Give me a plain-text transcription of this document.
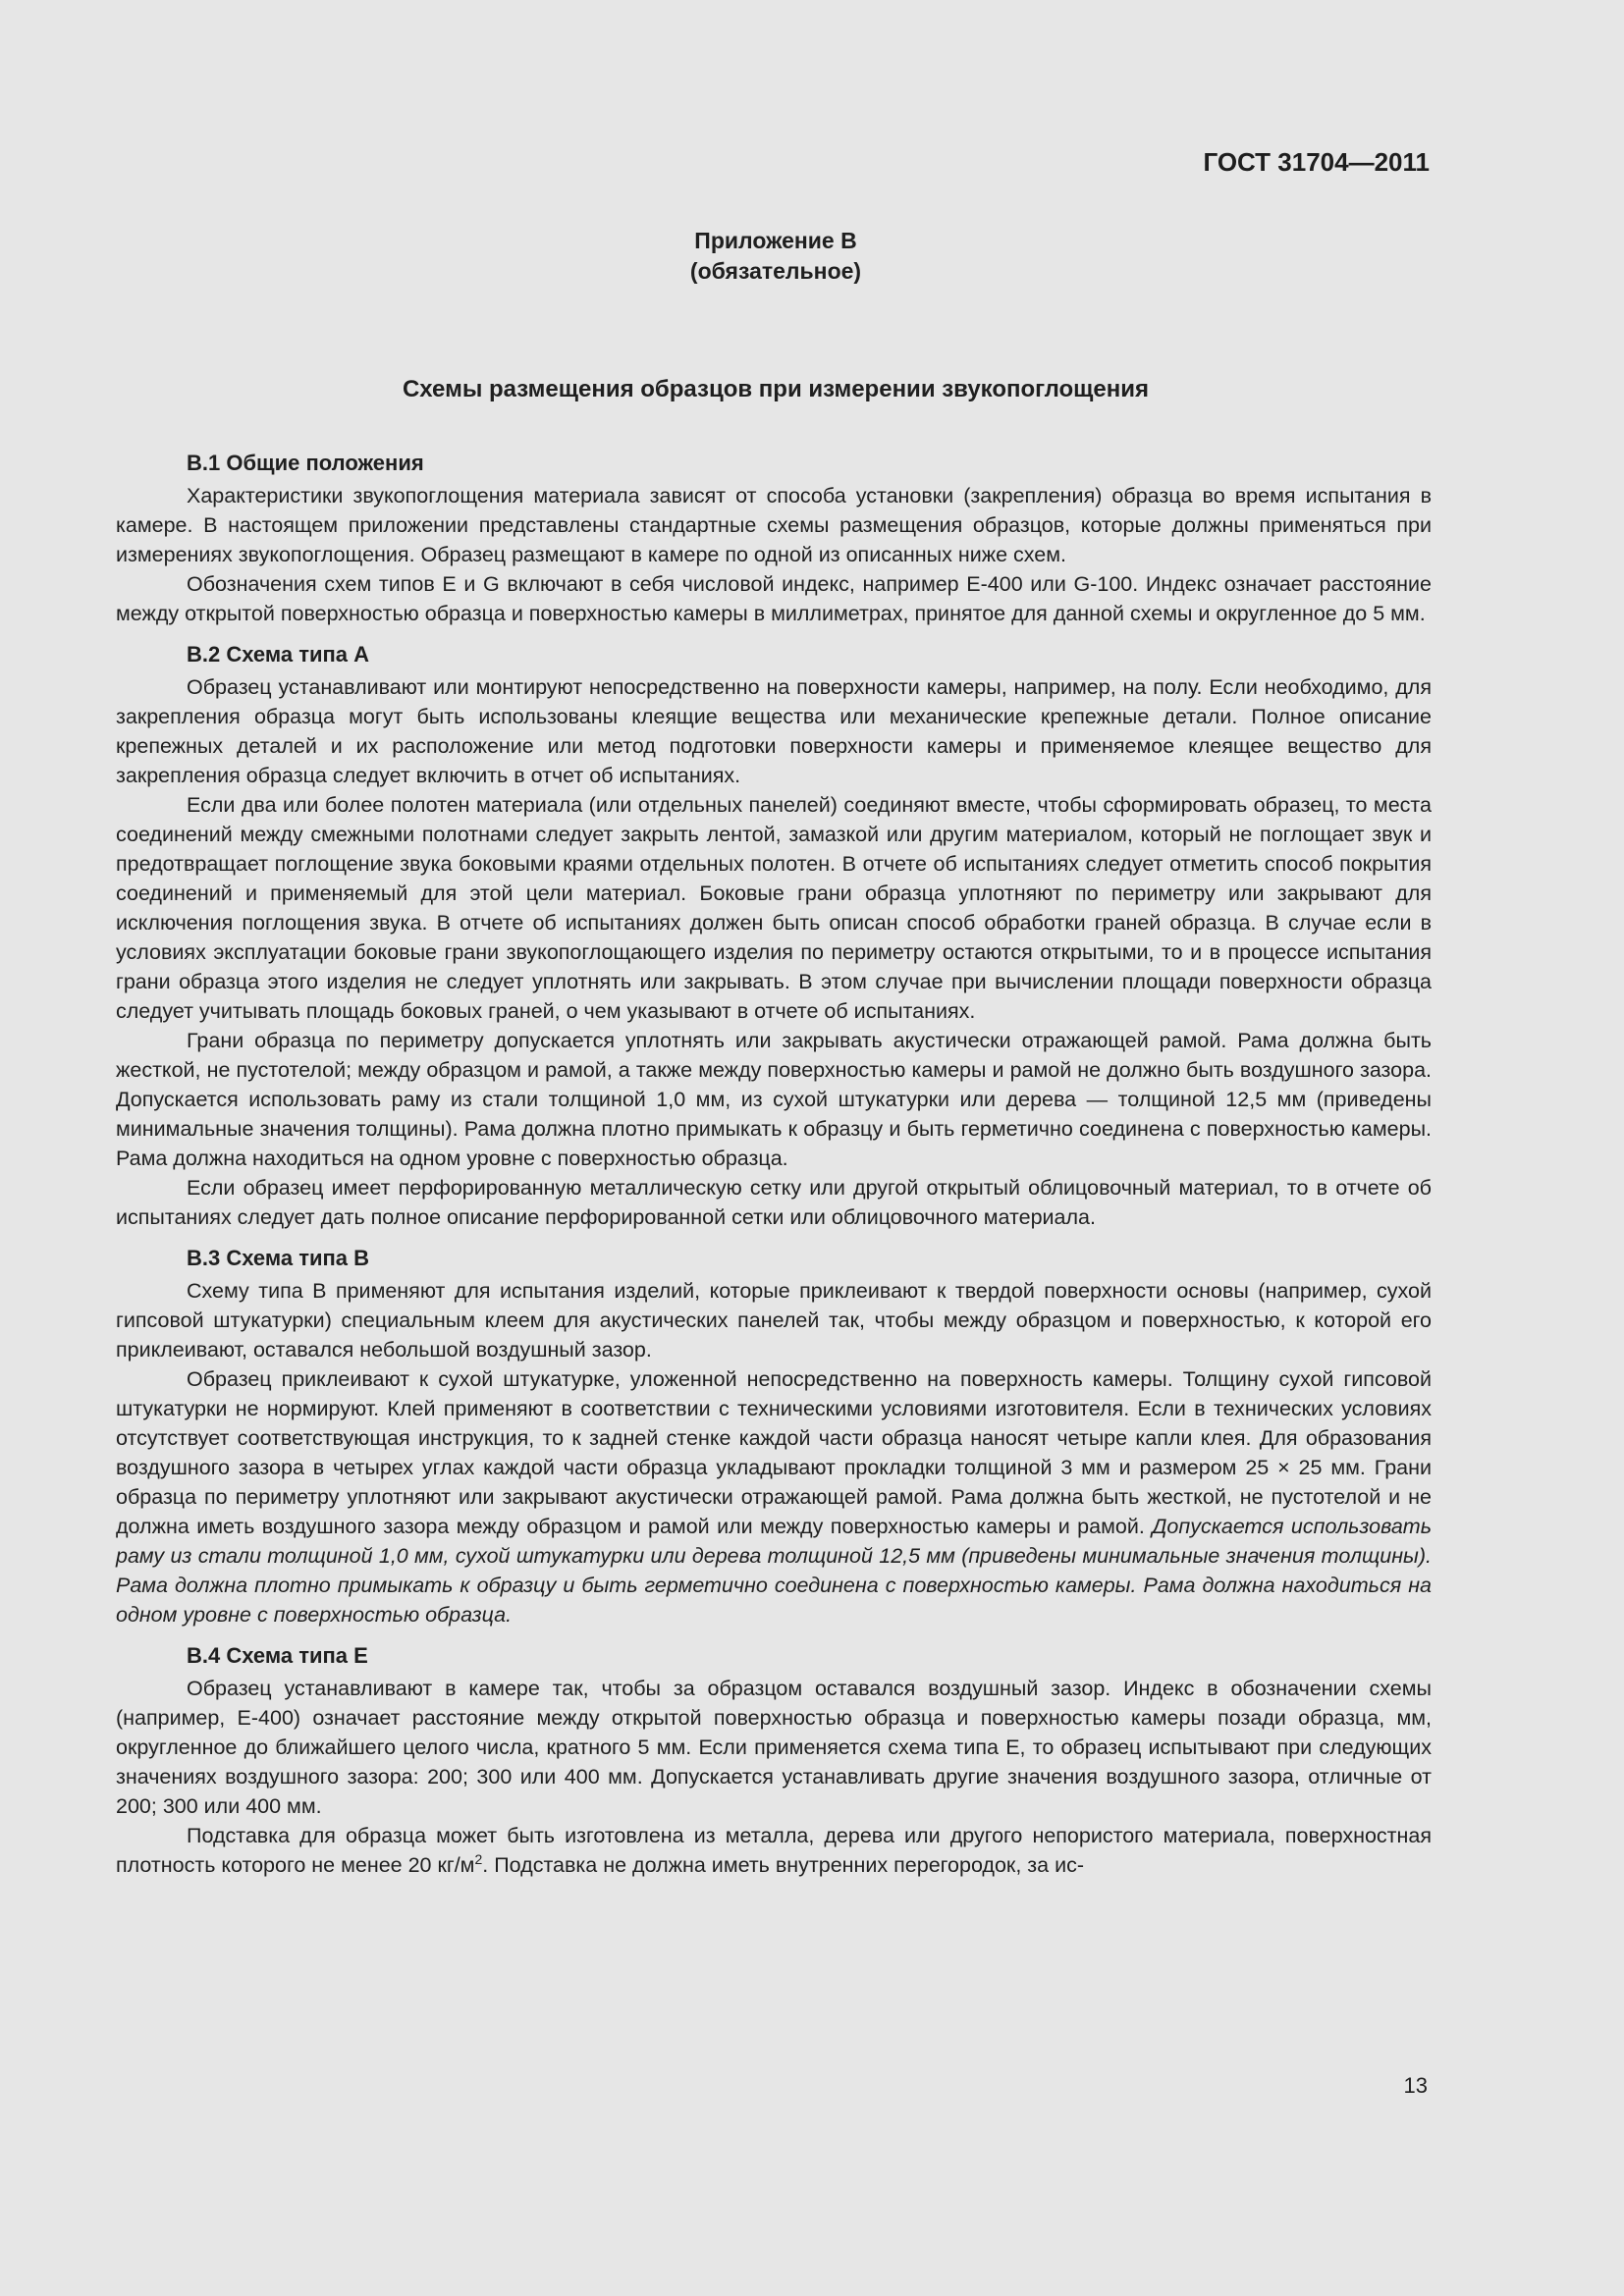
ГОСТ 31704—2011
Приложение В
(обязательное)
Схемы размещения образцов при измерении звукопоглощения
В.1 Общие положения

Характеристики звукопоглощения материала зависят от способа установки (закрепления) образца во время испытания в камере. В настоящем приложении представлены стандартные схемы размещения образцов, которые должны применяться при измерениях звукопоглощения. Образец размещают в камере по одной из описанных ниже схем.

Обозначения схем типов Е и G включают в себя числовой индекс, например Е-400 или G-100. Индекс означает расстояние между открытой поверхностью образца и поверхностью камеры в миллиметрах, принятое для данной схемы и округленное до 5 мм.

В.2 Схема типа А

Образец устанавливают или монтируют непосредственно на поверхности камеры, например, на полу. Если необходимо, для закрепления образца могут быть использованы клеящие вещества или механические крепежные детали. Полное описание крепежных деталей и их расположение или метод подготовки поверхности камеры и применяемое клеящее вещество для закрепления образца следует включить в отчет об испытаниях.

Если два или более полотен материала (или отдельных панелей) соединяют вместе, чтобы сформировать образец, то места соединений между смежными полотнами следует закрыть лентой, замазкой или другим материалом, который не поглощает звук и предотвращает поглощение звука боковыми краями отдельных полотен. В отчете об испытаниях следует отметить способ покрытия соединений и применяемый для этой цели материал. Боковые грани образца уплотняют по периметру или закрывают для исключения поглощения звука. В отчете об испытаниях должен быть описан способ обработки граней образца. В случае если в условиях эксплуатации боковые грани звукопоглощающего изделия по периметру остаются открытыми, то и в процессе испытания грани образца этого изделия не следует уплотнять или закрывать. В этом случае при вычислении площади поверхности образца следует учитывать площадь боковых граней, о чем указывают в отчете об испытаниях.

Грани образца по периметру допускается уплотнять или закрывать акустически отражающей рамой. Рама должна быть жесткой, не пустотелой; между образцом и рамой, а также между поверхностью камеры и рамой не должно быть воздушного зазора. Допускается использовать раму из стали толщиной 1,0 мм, из сухой штукатурки или дерева — толщиной 12,5 мм (приведены минимальные значения толщины). Рама должна плотно примыкать к образцу и быть герметично соединена с поверхностью камеры. Рама должна находиться на одном уровне с поверхностью образца.

Если образец имеет перфорированную металлическую сетку или другой открытый облицовочный материал, то в отчете об испытаниях следует дать полное описание перфорированной сетки или облицовочного материала.

В.3 Схема типа В

Схему типа В применяют для испытания изделий, которые приклеивают к твердой поверхности основы (например, сухой гипсовой штукатурки) специальным клеем для акустических панелей так, чтобы между образцом и поверхностью, к которой его приклеивают, оставался небольшой воздушный зазор.

Образец приклеивают к сухой штукатурке, уложенной непосредственно на поверхность камеры. Толщину сухой гипсовой штукатурки не нормируют. Клей применяют в соответствии с техническими условиями изготовителя. Если в технических условиях отсутствует соответствующая инструкция, то к задней стенке каждой части образца наносят четыре капли клея. Для образования воздушного зазора в четырех углах каждой части образца укладывают прокладки толщиной 3 мм и размером 25 × 25 мм. Грани образца по периметру уплотняют или закрывают акустически отражающей рамой. Рама должна быть жесткой, не пустотелой и не должна иметь воздушного зазора между образцом и рамой или между поверхностью камеры и рамой. Допускается использовать раму из стали толщиной 1,0 мм, сухой штукатурки или дерева толщиной 12,5 мм (приведены минимальные значения толщины). Рама должна плотно примыкать к образцу и быть герметично соединена с поверхностью камеры. Рама должна находиться на одном уровне с поверхностью образца.

В.4 Схема типа Е

Образец устанавливают в камере так, чтобы за образцом оставался воздушный зазор. Индекс в обозначении схемы (например, Е-400) означает расстояние между открытой поверхностью образца и поверхностью камеры позади образца, мм, округленное до ближайшего целого числа, кратного 5 мм. Если применяется схема типа Е, то образец испытывают при следующих значениях воздушного зазора: 200; 300 или 400 мм. Допускается устанавливать другие значения воздушного зазора, отличные от 200; 300 или 400 мм.

Подставка для образца может быть изготовлена из металла, дерева или другого непористого материала, поверхностная плотность которого не менее 20 $кг/м^2$. Подставка не должна иметь внутренних перегородок, за ис-

13
